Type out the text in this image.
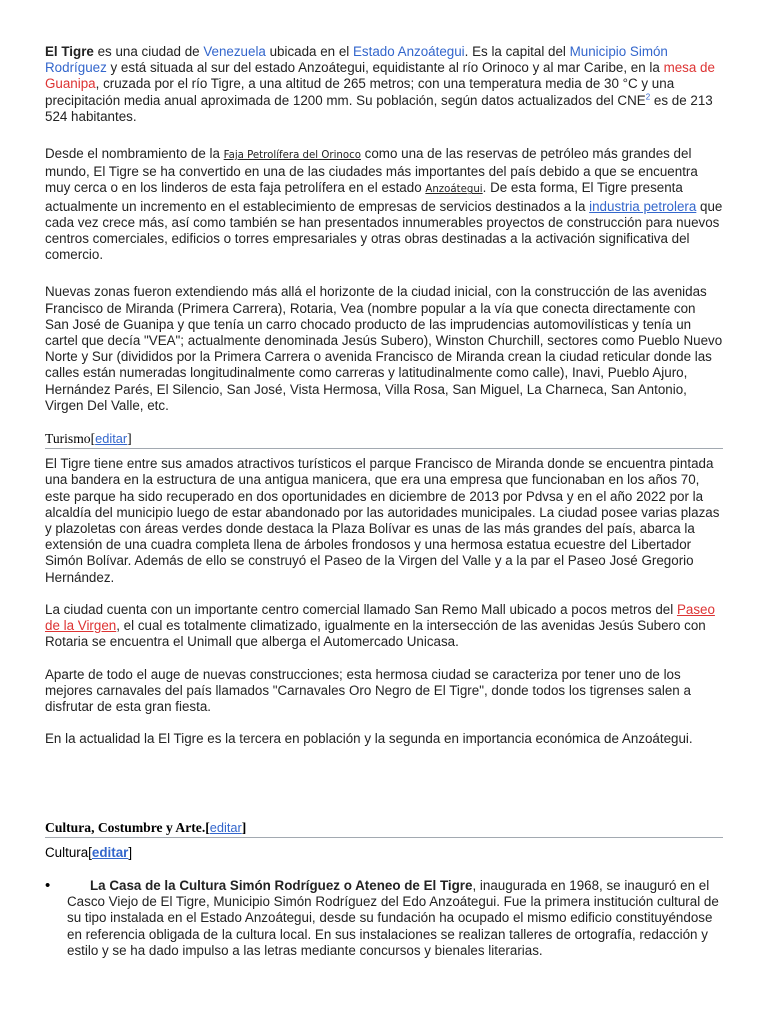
El Tigre es una ciudad de Venezuela ubicada en el Estado Anzoátegui. Es la capital del Municipio Simón Rodríguez y está situada al sur del estado Anzoátegui, equidistante al río Orinoco y al mar Caribe, en la mesa de Guanipa, cruzada por el río Tigre, a una altitud de 265 metros; con una temperatura media de 30 °C y una precipitación media anual aproximada de 1200 mm. Su población, según datos actualizados del CNE$^2$ es de 213 524 habitantes.

Desde el nombramiento de la Faja Petrolífera del Orinoco como una de las reservas de petróleo más grandes del mundo, El Tigre se ha convertido en una de las ciudades más importantes del país debido a que se encuentra muy cerca o en los linderos de esta faja petrolífera en el estado Anzoátegui. De esta forma, El Tigre presenta actualmente un incremento en el establecimiento de empresas de servicios destinados a la industria petrolera que cada vez crece más, así como también se han presentados innumerables proyectos de construcción para nuevos centros comerciales, edificios o torres empresariales y otras obras destinadas a la activación significativa del comercio.

Nuevas zonas fueron extendiendo más allá el horizonte de la ciudad inicial, con la construcción de las avenidas Francisco de Miranda (Primera Carrera), Rotaria, Vea (nombre popular a la vía que conecta directamente con San José de Guanipa y que tenía un carro chocado producto de las imprudencias automovilísticas y tenía un cartel que decía "VEA"; actualmente denominada Jesús Subero), Winston Churchill, sectores como Pueblo Nuevo Norte y Sur (divididos por la Primera Carrera o avenida Francisco de Miranda crean la ciudad reticular donde las calles están numeradas longitudinalmente como carreras y latitudinalmente como calle), Inavi, Pueblo Ajuro, Hernández Parés, El Silencio, San José, Vista Hermosa, Villa Rosa, San Miguel, La Charneca, San Antonio, Virgen Del Valle, etc.

Turismo[editar]

El Tigre tiene entre sus amados atractivos turísticos el parque Francisco de Miranda donde se encuentra pintada una bandera en la estructura de una antigua manicera, que era una empresa que funcionaban en los años 70, este parque ha sido recuperado en dos oportunidades en diciembre de 2013 por Pdvsa y en el año 2022 por la alcaldía del municipio luego de estar abandonado por las autoridades municipales. La ciudad posee varias plazas y plazoletas con áreas verdes donde destaca la Plaza Bolívar es unas de las más grandes del país, abarca la extensión de una cuadra completa llena de árboles frondosos y una hermosa estatua ecuestre del Libertador Simón Bolívar. Además de ello se construyó el Paseo de la Virgen del Valle y a la par el Paseo José Gregorio Hernández.

La ciudad cuenta con un importante centro comercial llamado San Remo Mall ubicado a pocos metros del Paseo de la Virgen, el cual es totalmente climatizado, igualmente en la intersección de las avenidas Jesús Subero con Rotaria se encuentra el Unimall que alberga el Automercado Unicasa.

Aparte de todo el auge de nuevas construcciones; esta hermosa ciudad se caracteriza por tener uno de los mejores carnavales del país llamados "Carnavales Oro Negro de El Tigre", donde todos los tigrenses salen a disfrutar de esta gran fiesta.

En la actualidad la El Tigre es la tercera en población y la segunda en importancia económica de Anzoátegui.

Cultura, Costumbre y Arte.[editar]
Cultura[editar]
•	La Casa de la Cultura Simón Rodríguez o Ateneo de El Tigre, inaugurada en 1968, se inauguró en el Casco Viejo de El Tigre, Municipio Simón Rodríguez del Edo Anzoátegui. Fue la primera institución cultural de su tipo instalada en el Estado Anzoátegui, desde su fundación ha ocupado el mismo edificio constituyéndose en referencia obligada de la cultura local. En sus instalaciones se realizan talleres de ortografía, redacción y estilo y se ha dado impulso a las letras mediante concursos y bienales literarias.
